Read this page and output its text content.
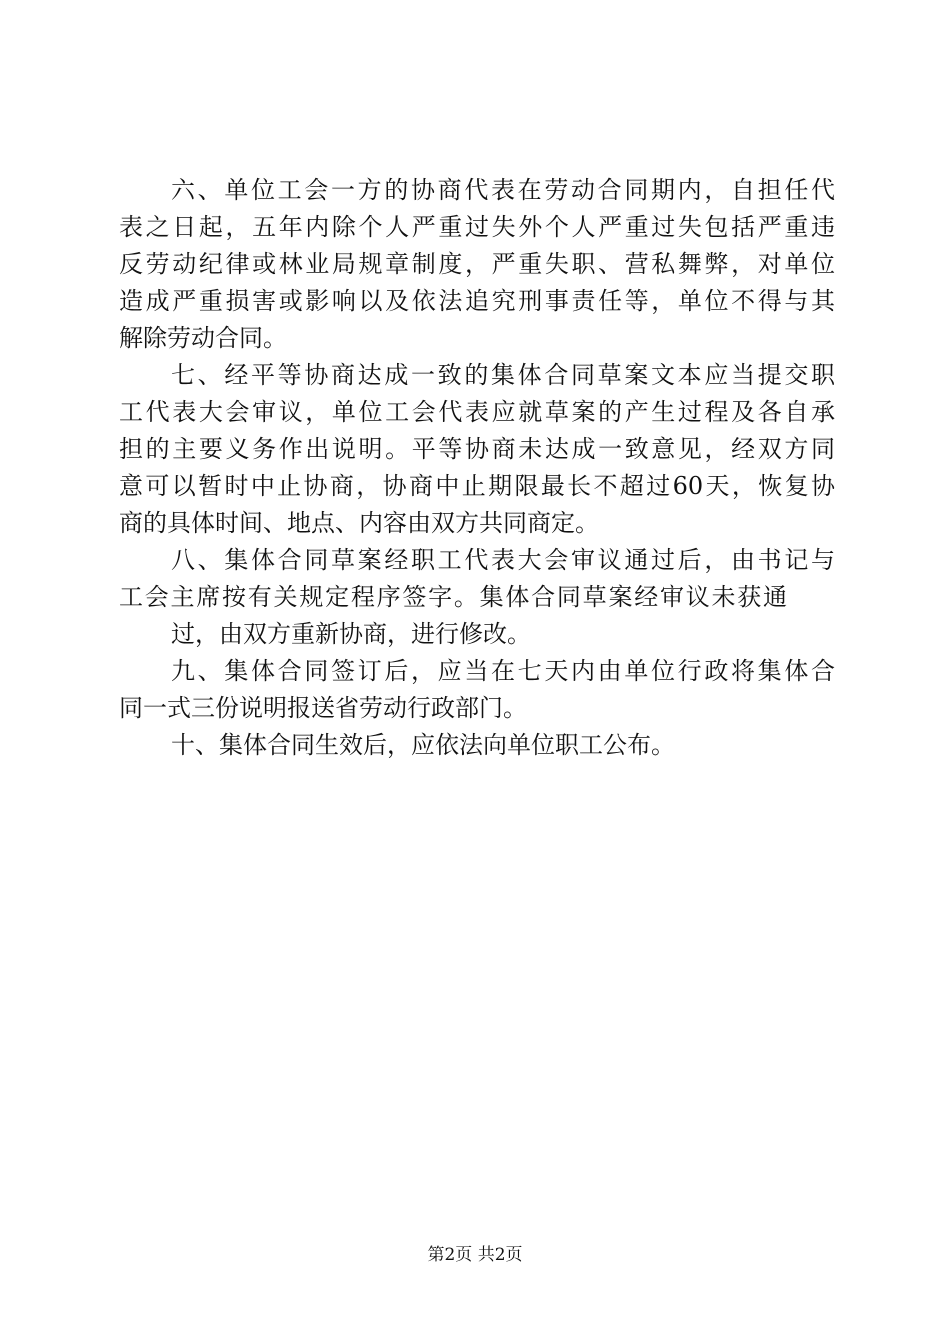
六、单位工会一方的协商代表在劳动合同期内，自担任代
表之日起，五年内除个人严重过失外个人严重过失包括严重违
反劳动纪律或林业局规章制度，严重失职、营私舞弊，对单位
造成严重损害或影响以及依法追究刑事责任等，单位不得与其
解除劳动合同。
七、经平等协商达成一致的集体合同草案文本应当提交职
工代表大会审议，单位工会代表应就草案的产生过程及各自承
担的主要义务作出说明。平等协商未达成一致意见，经双方同
意可以暂时中止协商，协商中止期限最长不超过60天，恢复协
商的具体时间、地点、内容由双方共同商定。
八、集体合同草案经职工代表大会审议通过后，由书记与
工会主席按有关规定程序签字。集体合同草案经审议未获通
过，由双方重新协商，进行修改。
九、集体合同签订后，应当在七天内由单位行政将集体合
同一式三份说明报送省劳动行政部门。
十、集体合同生效后，应依法向单位职工公布。
第2页 共2页
